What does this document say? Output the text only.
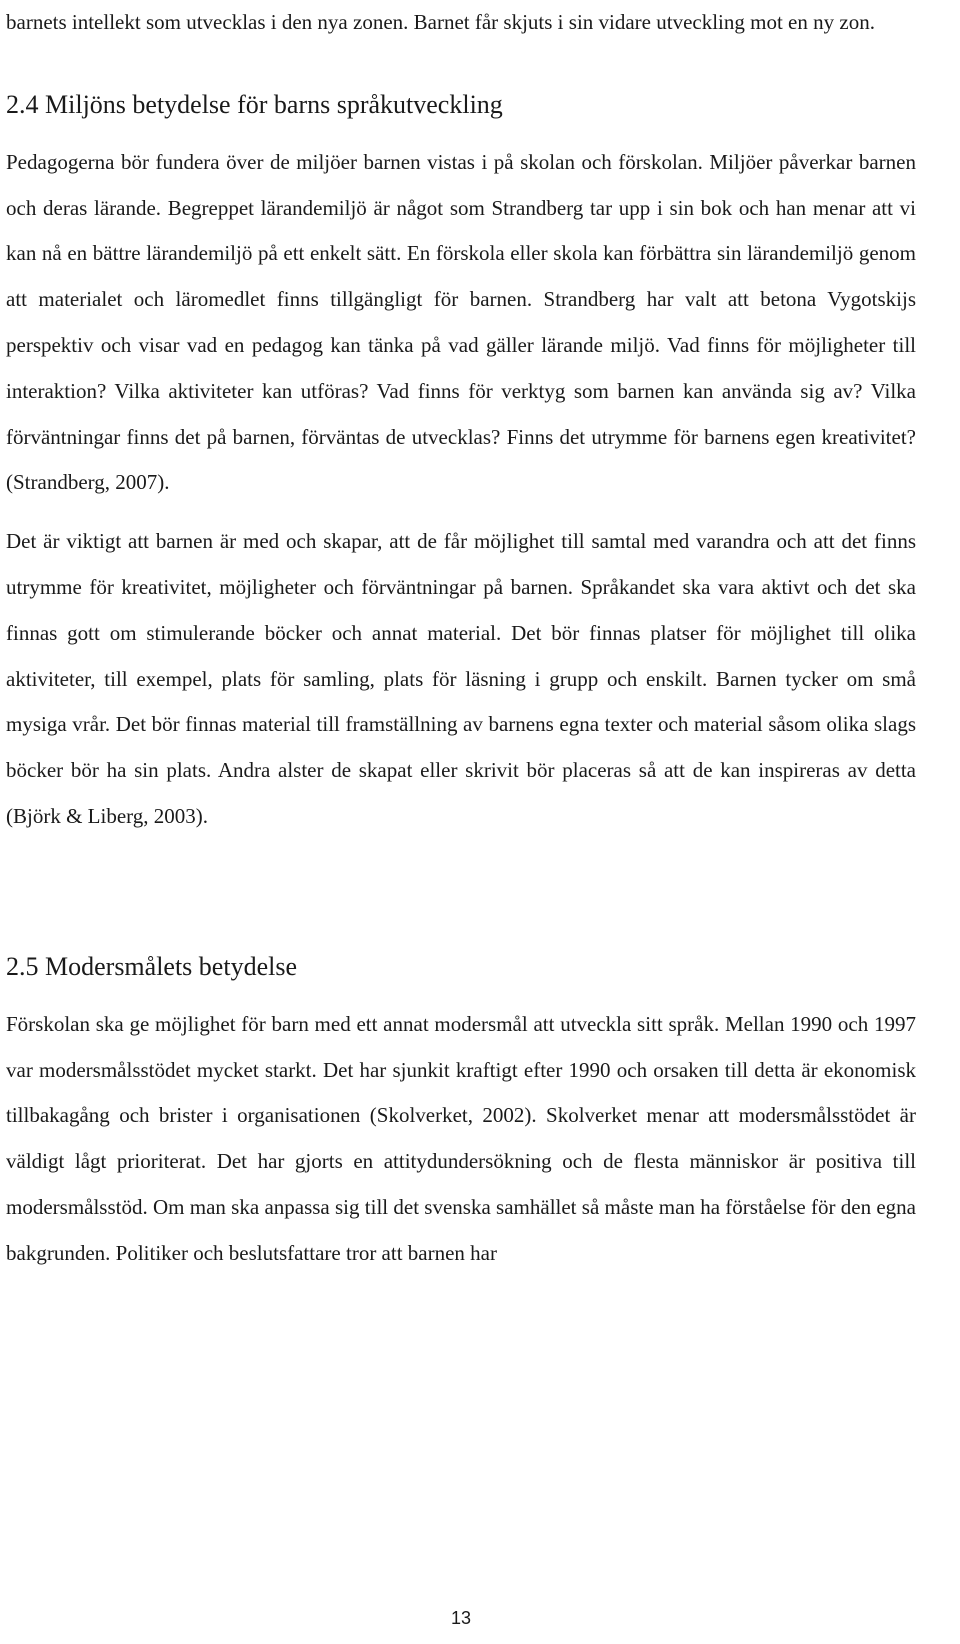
barnets intellekt som utvecklas i den nya zonen. Barnet får skjuts i sin vidare utveckling mot en ny zon.

2.4 Miljöns betydelse för barns språkutveckling

Pedagogerna bör fundera över de miljöer barnen vistas i på skolan och förskolan. Miljöer påverkar barnen och deras lärande. Begreppet lärandemiljö är något som Strandberg tar upp i sin bok och han menar att vi kan nå en bättre lärandemiljö på ett enkelt sätt. En förskola eller skola kan förbättra sin lärandemiljö genom att materialet och läromedlet finns tillgängligt för barnen. Strandberg har valt att betona Vygotskijs perspektiv och visar vad en pedagog kan tänka på vad gäller lärande miljö. Vad finns för möjligheter till interaktion? Vilka aktiviteter kan utföras? Vad finns för verktyg som barnen kan använda sig av? Vilka förväntningar finns det på barnen, förväntas de utvecklas? Finns det utrymme för barnens egen kreativitet? (Strandberg, 2007).

Det är viktigt att barnen är med och skapar, att de får möjlighet till samtal med varandra och att det finns utrymme för kreativitet, möjligheter och förväntningar på barnen. Språkandet ska vara aktivt och det ska finnas gott om stimulerande böcker och annat material. Det bör finnas platser för möjlighet till olika aktiviteter, till exempel, plats för samling, plats för läsning i grupp och enskilt. Barnen tycker om små mysiga vrår. Det bör finnas material till framställning av barnens egna texter och material såsom olika slags böcker bör ha sin plats. Andra alster de skapat eller skrivit bör placeras så att de kan inspireras av detta (Björk & Liberg, 2003).

2.5 Modersmålets betydelse

Förskolan ska ge möjlighet för barn med ett annat modersmål att utveckla sitt språk. Mellan 1990 och 1997 var modersmålsstödet mycket starkt. Det har sjunkit kraftigt efter 1990 och orsaken till detta är ekonomisk tillbakagång och brister i organisationen (Skolverket, 2002). Skolverket menar att modersmålsstödet är väldigt lågt prioriterat. Det har gjorts en attitydundersökning och de flesta människor är positiva till modersmålsstöd. Om man ska anpassa sig till det svenska samhället så måste man ha förståelse för den egna bakgrunden. Politiker och beslutsfattare tror att barnen har

13
